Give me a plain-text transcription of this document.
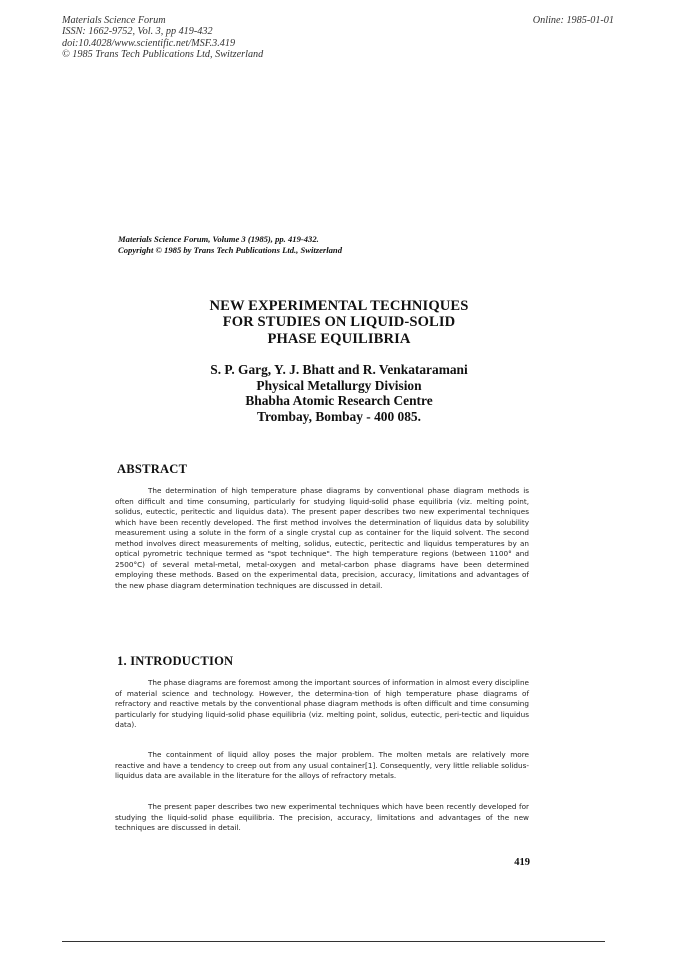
Materials Science Forum
ISSN: 1662-9752, Vol. 3, pp 419-432
doi:10.4028/www.scientific.net/MSF.3.419
© 1985 Trans Tech Publications Ltd, Switzerland
Online: 1985-01-01
Materials Science Forum, Volume 3 (1985), pp. 419-432.
Copyright © 1985 by Trans Tech Publications Ltd., Switzerland
NEW EXPERIMENTAL TECHNIQUES
FOR STUDIES ON LIQUID-SOLID
PHASE EQUILIBRIA
S. P. Garg, Y. J. Bhatt and R. Venkataramani
Physical Metallurgy Division
Bhabha Atomic Research Centre
Trombay, Bombay - 400 085.
ABSTRACT

The determination of high temperature phase diagrams by conventional phase diagram methods is often difficult and time consuming, particularly for studying liquid-solid phase equilibria (viz. melting point, solidus, eutectic, peritectic and liquidus data). The present paper describes two new experimental techniques which have been recently developed. The first method involves the determination of liquidus data by solubility measurement using a solute in the form of a single crystal cup as container for the liquid solvent. The second method involves direct measurements of melting, solidus, eutectic, peritectic and liquidus temperatures by an optical pyrometric technique termed as "spot technique". The high temperature regions (between 1100° and 2500°C) of several metal-metal, metal-oxygen and metal-carbon phase diagrams have been determined employing these methods. Based on the experimental data, precision, accuracy, limitations and advantages of the new phase diagram determination techniques are discussed in detail.

1. INTRODUCTION

The phase diagrams are foremost among the important sources of information in almost every discipline of material science and technology. However, the determina-tion of high temperature phase diagrams of refractory and reactive metals by the conventional phase diagram methods is often difficult and time consuming particularly for studying liquid-solid phase equilibria (viz. melting point, solidus, eutectic, peri-tectic and liquidus data).

The containment of liquid alloy poses the major problem. The molten metals are relatively more reactive and have a tendency to creep out from any usual container[1]. Consequently, very little reliable solidus-liquidus data are available in the literature for the alloys of refractory metals.

The present paper describes two new experimental techniques which have been recently developed for studying the liquid-solid phase equilibria. The precision, accuracy, limitations and advantages of the new techniques are discussed in detail.

419
